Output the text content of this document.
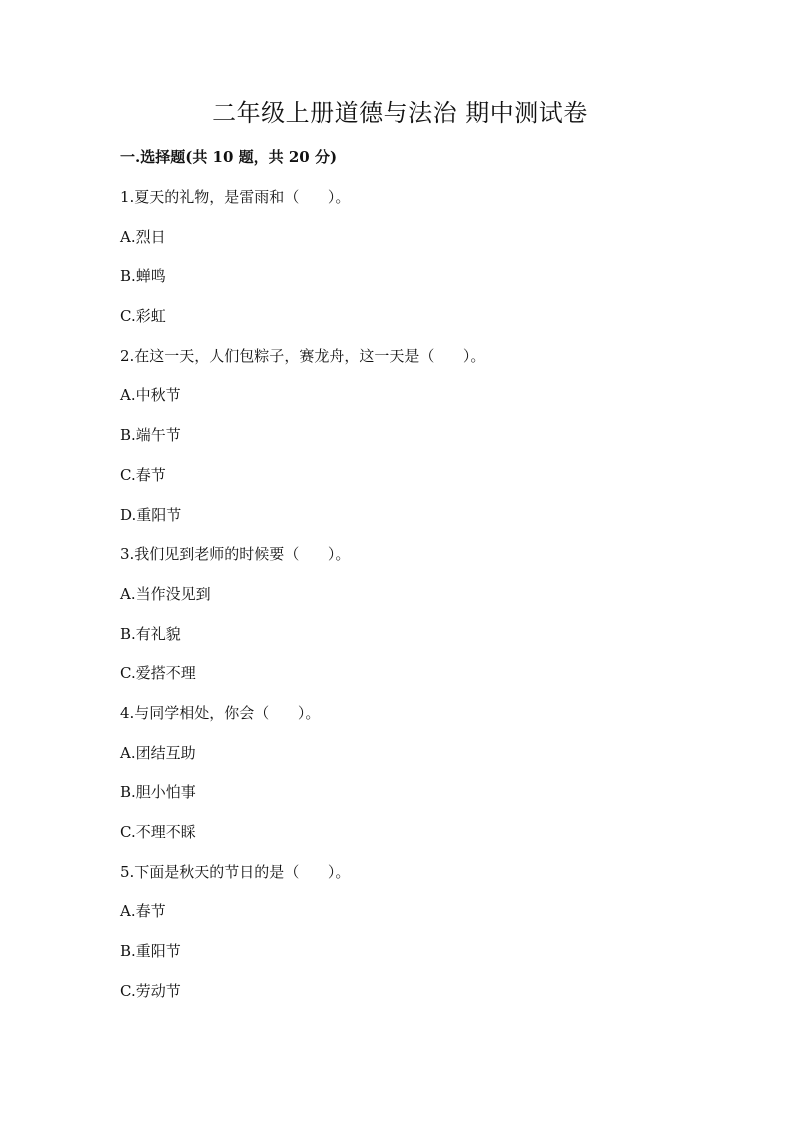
二年级上册道德与法治 期中测试卷
一.选择题(共 10 题，共 20 分)
1.夏天的礼物，是雷雨和（      ）。
A.烈日
B.蝉鸣
C.彩虹
2.在这一天，人们包粽子，赛龙舟，这一天是（      ）。
A.中秋节
B.端午节
C.春节
D.重阳节
3.我们见到老师的时候要（      ）。
A.当作没见到
B.有礼貌
C.爱搭不理
4.与同学相处，你会（      ）。
A.团结互助
B.胆小怕事
C.不理不睬
5.下面是秋天的节日的是（      ）。
A.春节
B.重阳节
C.劳动节
